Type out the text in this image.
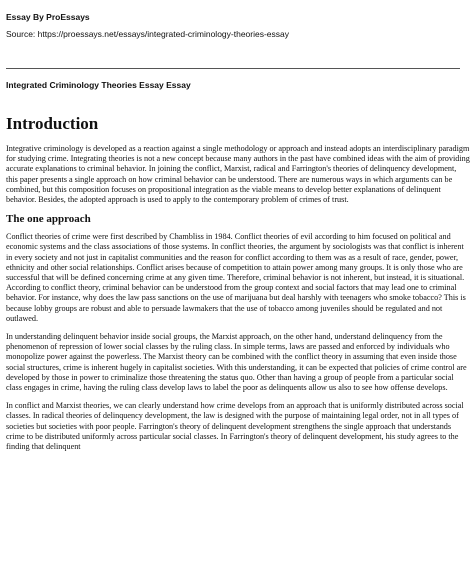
Essay By ProEssays
Source: https://proessays.net/essays/integrated-criminology-theories-essay
Integrated Criminology Theories Essay Essay
Introduction

Integrative criminology is developed as a reaction against a single methodology or approach and instead adopts an interdisciplinary paradigm for studying crime. Integrating theories is not a new concept because many authors in the past have combined ideas with the aim of providing accurate explanations to criminal behavior. In joining the conflict, Marxist, radical and Farrington's theories of delinquency development, this paper presents a single approach on how criminal behavior can be understood. There are numerous ways in which arguments can be combined, but this composition focuses on propositional integration as the viable means to develop better explanations of delinquent behavior. Besides, the adopted approach is used to apply to the contemporary problem of crimes of trust.

The one approach

Conflict theories of crime were first described by Chambliss in 1984. Conflict theories of evil according to him focused on political and economic systems and the class associations of those systems. In conflict theories, the argument by sociologists was that conflict is inherent in every society and not just in capitalist communities and the reason for conflict according to them was as a result of race, gender, power, ethnicity and other social relationships. Conflict arises because of competition to attain power among many groups. It is only those who are successful that will be defined concerning crime at any given time. Therefore, criminal behavior is not inherent, but instead, it is situational. According to conflict theory, criminal behavior can be understood from the group context and social factors that may lead one to criminal behavior. For instance, why does the law pass sanctions on the use of marijuana but deal harshly with teenagers who smoke tobacco? This is because lobby groups are robust and able to persuade lawmakers that the use of tobacco among juveniles should be regulated and not outlawed.

In understanding delinquent behavior inside social groups, the Marxist approach, on the other hand, understand delinquency from the phenomenon of repression of lower social classes by the ruling class. In simple terms, laws are passed and enforced by individuals who monopolize power against the powerless. The Marxist theory can be combined with the conflict theory in assuming that even inside those social structures, crime is inherent hugely in capitalist societies. With this understanding, it can be expected that policies of crime control are developed by those in power to criminalize those threatening the status quo. Other than having a group of people from a particular social class engages in crime, having the ruling class develop laws to label the poor as delinquents allow us also to see how offense develops.

In conflict and Marxist theories, we can clearly understand how crime develops from an approach that is uniformly distributed across social classes. In radical theories of delinquency development, the law is designed with the purpose of maintaining legal order, not in all types of societies but societies with poor people. Farrington's theory of delinquent development strengthens the single approach that understands crime to be distributed uniformly across particular social classes. In Farrington's theory of delinquent development, his study agrees to the finding that delinquent
